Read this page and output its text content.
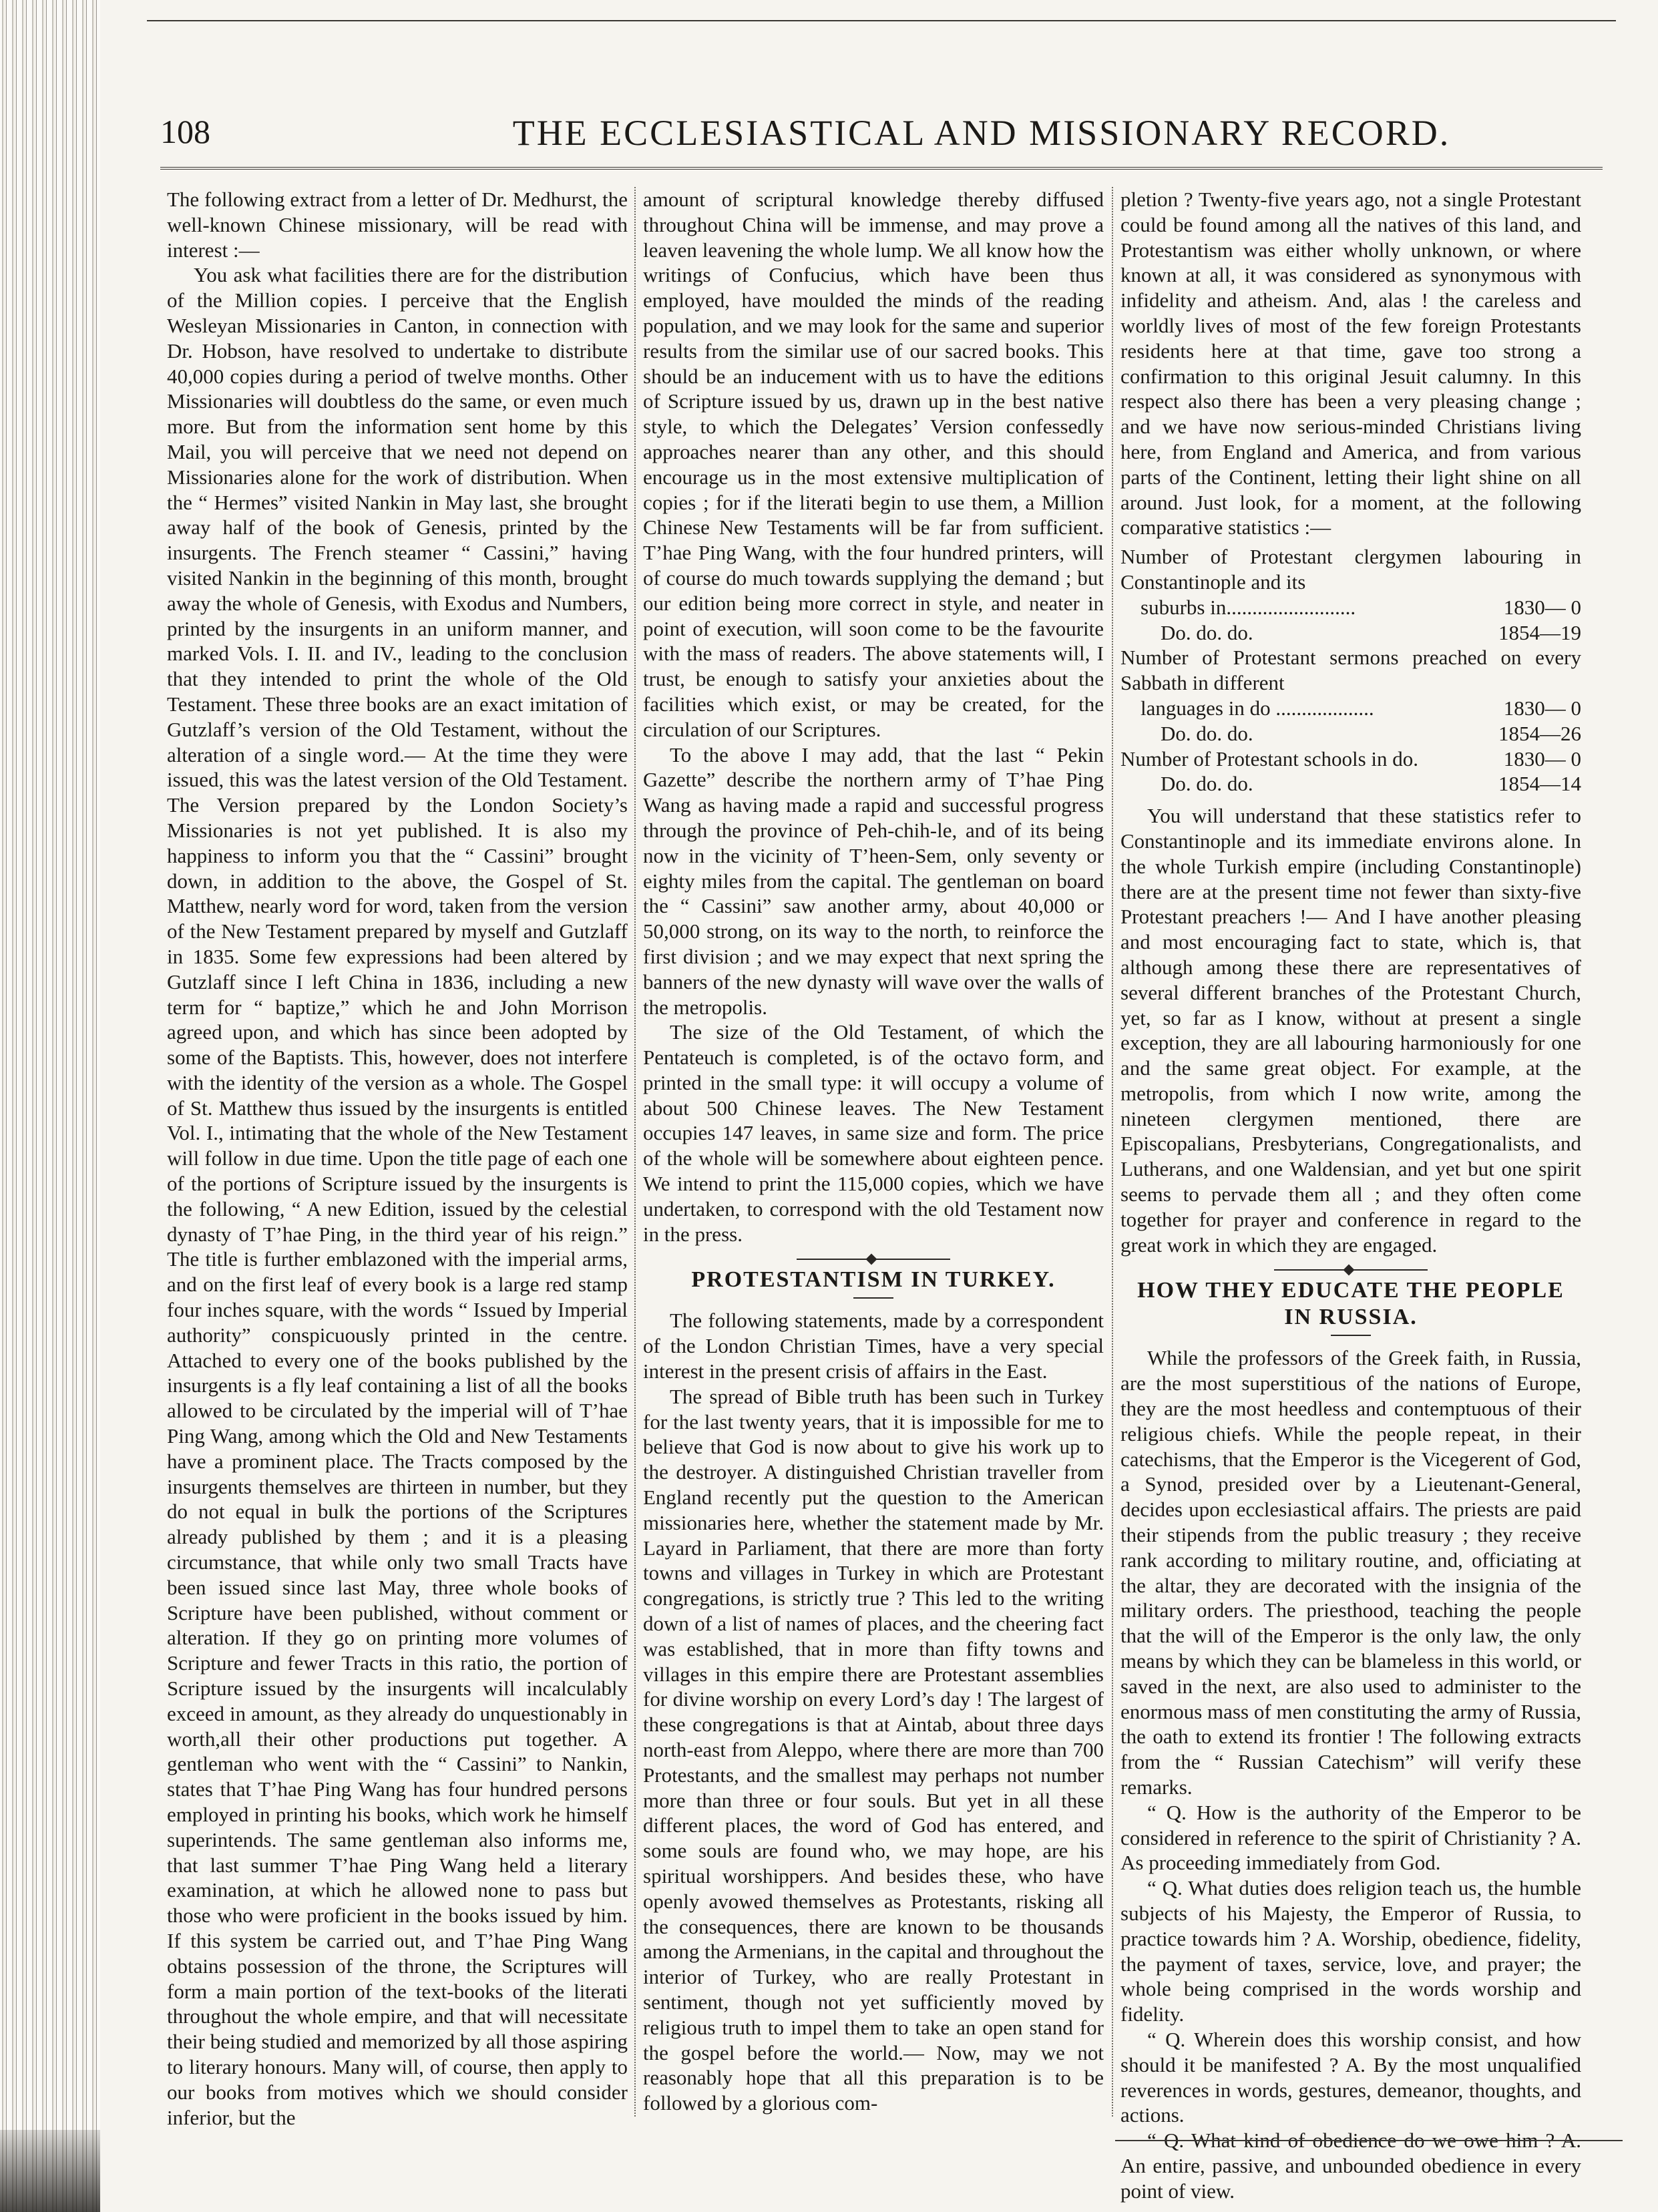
108	THE ECCLESIASTICAL AND MISSIONARY RECORD.

The following extract from a letter of Dr. Medhurst, the well-known Chinese missionary, will be read with interest :—

You ask what facilities there are for the distribution of the Million copies. I perceive that the English Wesleyan Missionaries in Canton, in connection with Dr. Hobson, have resolved to undertake to distribute 40,000 copies during a period of twelve months. Other Missionaries will doubtless do the same, or even much more. But from the information sent home by this Mail, you will perceive that we need not depend on Missionaries alone for the work of distribution. When the “ Hermes” visited Nankin in May last, she brought away half of the book of Genesis, printed by the insurgents. The French steamer “ Cassini,” having visited Nankin in the beginning of this month, brought away the whole of Genesis, with Exodus and Numbers, printed by the insurgents in an uniform manner, and marked Vols. I. II. and IV., leading to the conclusion that they intended to print the whole of the Old Testament. These three books are an exact imitation of Gutzlaff’s version of the Old Testament, without the alteration of a single word.— At the time they were issued, this was the latest version of the Old Testament. The Version prepared by the London Society’s Missionaries is not yet published. It is also my happiness to inform you that the “ Cassini” brought down, in addition to the above, the Gospel of St. Matthew, nearly word for word, taken from the version of the New Testament prepared by myself and Gutzlaff in 1835. Some few expressions had been altered by Gutzlaff since I left China in 1836, including a new term for “ baptize,” which he and John Morrison agreed upon, and which has since been adopted by some of the Baptists. This, however, does not interfere with the identity of the version as a whole. The Gospel of St. Matthew thus issued by the insurgents is entitled Vol. I., intimating that the whole of the New Testament will follow in due time. Upon the title page of each one of the portions of Scripture issued by the insurgents is the following, “ A new Edition, issued by the celestial dynasty of T’hae Ping, in the third year of his reign.” The title is further emblazoned with the imperial arms, and on the first leaf of every book is a large red stamp four inches square, with the words “ Issued by Imperial authority” conspicuously printed in the centre. Attached to every one of the books published by the insurgents is a fly leaf containing a list of all the books allowed to be circulated by the imperial will of T’hae Ping Wang, among which the Old and New Testaments have a prominent place. The Tracts composed by the insurgents themselves are thirteen in number, but they do not equal in bulk the portions of the Scriptures already published by them ; and it is a pleasing circumstance, that while only two small Tracts have been issued since last May, three whole books of Scripture have been published, without comment or alteration. If they go on printing more volumes of Scripture and fewer Tracts in this ratio, the portion of Scripture issued by the insurgents will incalculably exceed in amount, as they already do unquestionably in worth,all their other productions put together. A gentleman who went with the “ Cassini” to Nankin, states that T’hae Ping Wang has four hundred persons employed in printing his books, which work he himself superintends. The same gentleman also informs me, that last summer T’hae Ping Wang held a literary examination, at which he allowed none to pass but those who were proficient in the books issued by him. If this system be carried out, and T’hae Ping Wang obtains possession of the throne, the Scriptures will form a main portion of the text-books of the literati throughout the whole empire, and that will necessitate their being studied and memorized by all those aspiring to literary honours. Many will, of course, then apply to our books from motives which we should consider inferior, but the

amount of scriptural knowledge thereby diffused throughout China will be immense, and may prove a leaven leavening the whole lump. We all know how the writings of Confucius, which have been thus employed, have moulded the minds of the reading population, and we may look for the same and superior results from the similar use of our sacred books. This should be an inducement with us to have the editions of Scripture issued by us, drawn up in the best native style, to which the Delegates’ Version confessedly approaches nearer than any other, and this should encourage us in the most extensive multiplication of copies ; for if the literati begin to use them, a Million Chinese New Testaments will be far from sufficient. T’hae Ping Wang, with the four hundred printers, will of course do much towards supplying the demand ; but our edition being more correct in style, and neater in point of execution, will soon come to be the favourite with the mass of readers. The above statements will, I trust, be enough to satisfy your anxieties about the facilities which exist, or may be created, for the circulation of our Scriptures.

To the above I may add, that the last “ Pekin Gazette” describe the northern army of T’hae Ping Wang as having made a rapid and successful progress through the province of Peh-chih-le, and of its being now in the vicinity of T’heen-Sem, only seventy or eighty miles from the capital. The gentleman on board the “ Cassini” saw another army, about 40,000 or 50,000 strong, on its way to the north, to reinforce the first division ; and we may expect that next spring the banners of the new dynasty will wave over the walls of the metropolis.

The size of the Old Testament, of which the Pentateuch is completed, is of the octavo form, and printed in the small type: it will occupy a volume of about 500 Chinese leaves. The New Testament occupies 147 leaves, in same size and form. The price of the whole will be somewhere about eighteen pence. We intend to print the 115,000 copies, which we have undertaken, to correspond with the old Testament now in the press.

PROTESTANTISM IN TURKEY.

The following statements, made by a correspondent of the London Christian Times, have a very special interest in the present crisis of affairs in the East.

The spread of Bible truth has been such in Turkey for the last twenty years, that it is impossible for me to believe that God is now about to give his work up to the destroyer. A distinguished Christian traveller from England recently put the question to the American missionaries here, whether the statement made by Mr. Layard in Parliament, that there are more than forty towns and villages in Turkey in which are Protestant congregations, is strictly true ? This led to the writing down of a list of names of places, and the cheering fact was established, that in more than fifty towns and villages in this empire there are Protestant assemblies for divine worship on every Lord’s day ! The largest of these congregations is that at Aintab, about three days north-east from Aleppo, where there are more than 700 Protestants, and the smallest may perhaps not number more than three or four souls. But yet in all these different places, the word of God has entered, and some souls are found who, we may hope, are his spiritual worshippers. And besides these, who have openly avowed themselves as Protestants, risking all the consequences, there are known to be thousands among the Armenians, in the capital and throughout the interior of Turkey, who are really Protestant in sentiment, though not yet sufficiently moved by religious truth to impel them to take an open stand for the gospel before the world.— Now, may we not reasonably hope that all this preparation is to be followed by a glorious com-

pletion ? Twenty-five years ago, not a single Protestant could be found among all the natives of this land, and Protestantism was either wholly unknown, or where known at all, it was considered as synonymous with infidelity and atheism. And, alas ! the careless and worldly lives of most of the few foreign Protestants residents here at that time, gave too strong a confirmation to this original Jesuit calumny. In this respect also there has been a very pleasing change ; and we have now serious-minded Christians living here, from England and America, and from various parts of the Continent, letting their light shine on all around. Just look, for a moment, at the following comparative statistics :—

Number of Protestant clergymen labouring in Constantinople and its
suburbs in.........................	1830— 0
Do. do. do.	1854—19
Number of Protestant sermons preached on every Sabbath in different
languages in do ...................	1830— 0
Do. do. do.	1854—26
Number of Protestant schools in do.	1830— 0
Do. do. do.	1854—14

You will understand that these statistics refer to Constantinople and its immediate environs alone. In the whole Turkish empire (including Constantinople) there are at the present time not fewer than sixty-five Protestant preachers !— And I have another pleasing and most encouraging fact to state, which is, that although among these there are representatives of several different branches of the Protestant Church, yet, so far as I know, without at present a single exception, they are all labouring harmoniously for one and the same great object. For example, at the metropolis, from which I now write, among the nineteen clergymen mentioned, there are Episcopalians, Presbyterians, Congregationalists, and Lutherans, and one Waldensian, and yet but one spirit seems to pervade them all ; and they often come together for prayer and conference in regard to the great work in which they are engaged.

HOW THEY EDUCATE THE PEOPLE IN RUSSIA.

While the professors of the Greek faith, in Russia, are the most superstitious of the nations of Europe, they are the most heedless and contemptuous of their religious chiefs. While the people repeat, in their catechisms, that the Emperor is the Vicegerent of God, a Synod, presided over by a Lieutenant-General, decides upon ecclesiastical affairs. The priests are paid their stipends from the public treasury ; they receive rank according to military routine, and, officiating at the altar, they are decorated with the insignia of the military orders. The priesthood, teaching the people that the will of the Emperor is the only law, the only means by which they can be blameless in this world, or saved in the next, are also used to administer to the enormous mass of men constituting the army of Russia, the oath to extend its frontier ! The following extracts from the “ Russian Catechism” will verify these remarks.

“ Q. How is the authority of the Emperor to be considered in reference to the spirit of Christianity ? A. As proceeding immediately from God.

“ Q. What duties does religion teach us, the humble subjects of his Majesty, the Emperor of Russia, to practice towards him ? A. Worship, obedience, fidelity, the payment of taxes, service, love, and prayer; the whole being comprised in the words worship and fidelity.

“ Q. Wherein does this worship consist, and how should it be manifested ? A. By the most unqualified reverences in words, gestures, demeanor, thoughts, and actions.

“ Q. What kind of obedience do we owe him ? A. An entire, passive, and unbounded obedience in every point of view.
